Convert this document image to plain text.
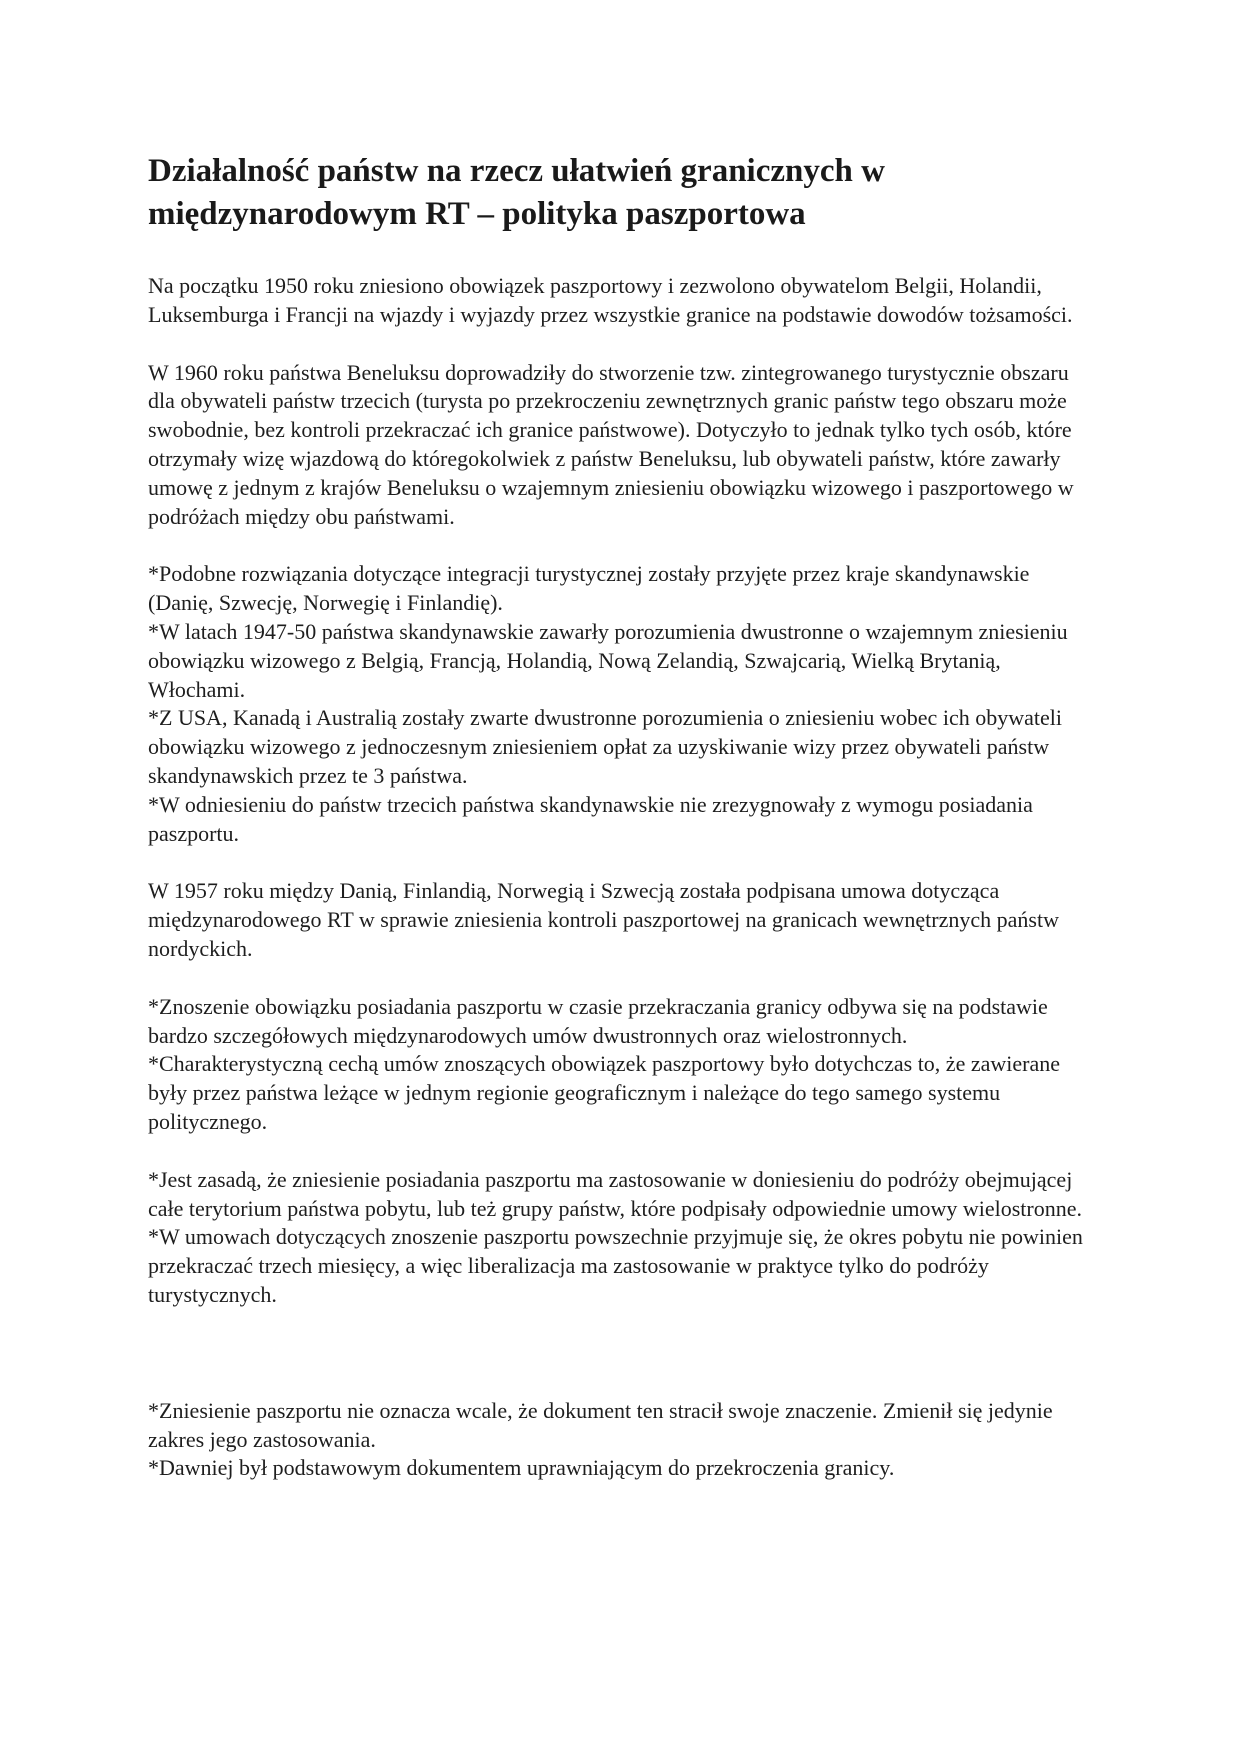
Działalność państw na rzecz ułatwień granicznych w międzynarodowym RT – polityka paszportowa

Na początku 1950 roku zniesiono obowiązek paszportowy i zezwolono obywatelom Belgii, Holandii, Luksemburga i Francji na wjazdy i wyjazdy przez wszystkie granice na podstawie dowodów tożsamości.

W 1960 roku państwa Beneluksu doprowadziły do stworzenie tzw. zintegrowanego turystycznie obszaru dla obywateli państw trzecich (turysta po przekroczeniu zewnętrznych granic państw tego obszaru może swobodnie, bez kontroli przekraczać ich granice państwowe). Dotyczyło to jednak tylko tych osób, które otrzymały wizę wjazdową do któregokolwiek z państw Beneluksu, lub obywateli państw, które zawarły umowę z jednym z krajów Beneluksu o wzajemnym zniesieniu obowiązku wizowego i paszportowego w podróżach między obu państwami.

*Podobne rozwiązania dotyczące integracji turystycznej zostały przyjęte przez kraje skandynawskie (Danię, Szwecję, Norwegię i Finlandię).

*W latach 1947-50 państwa skandynawskie zawarły porozumienia dwustronne o wzajemnym zniesieniu obowiązku wizowego z Belgią, Francją, Holandią, Nową Zelandią, Szwajcarią, Wielką Brytanią, Włochami.

*Z USA, Kanadą i Australią zostały zwarte dwustronne porozumienia o zniesieniu wobec ich obywateli obowiązku wizowego z jednoczesnym zniesieniem opłat za uzyskiwanie wizy przez obywateli państw skandynawskich przez te 3 państwa.

*W odniesieniu do państw trzecich państwa skandynawskie nie zrezygnowały z wymogu posiadania paszportu.

W 1957 roku między Danią, Finlandią, Norwegią i Szwecją została podpisana umowa dotycząca międzynarodowego RT w sprawie zniesienia kontroli paszportowej na granicach wewnętrznych państw nordyckich.

*Znoszenie obowiązku posiadania paszportu w czasie przekraczania granicy odbywa się na podstawie bardzo szczegółowych międzynarodowych umów dwustronnych oraz wielostronnych.

*Charakterystyczną cechą umów znoszących obowiązek paszportowy było dotychczas to, że zawierane były przez państwa leżące w jednym regionie geograficznym i należące do tego samego systemu politycznego.

*Jest zasadą, że zniesienie posiadania paszportu ma zastosowanie w doniesieniu do podróży obejmującej całe terytorium państwa pobytu, lub też grupy państw, które podpisały odpowiednie umowy wielostronne.

*W umowach dotyczących znoszenie paszportu powszechnie przyjmuje się, że okres pobytu nie powinien przekraczać trzech miesięcy, a więc liberalizacja ma zastosowanie w praktyce tylko do podróży turystycznych.

*Zniesienie paszportu nie oznacza wcale, że dokument ten stracił swoje znaczenie. Zmienił się jedynie zakres jego zastosowania.

*Dawniej był podstawowym dokumentem uprawniającym do przekroczenia granicy.
